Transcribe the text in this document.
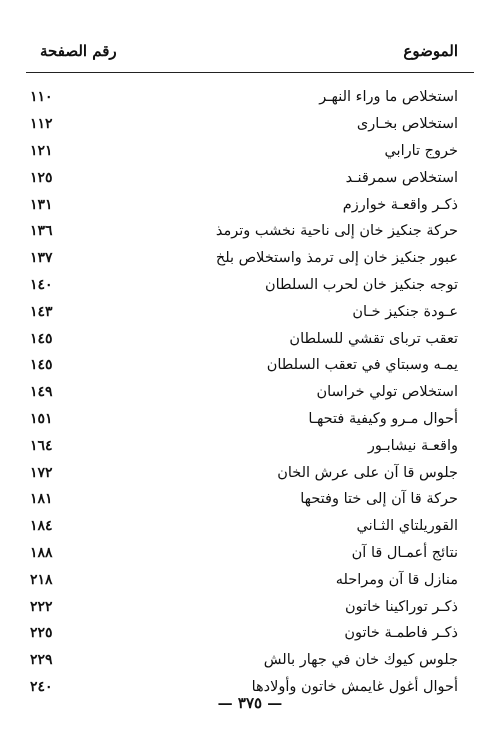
الموضوع
رقم الصفحة
استخلاص ما وراء النهـر
١١٠
استخلاص بخـارى
١١٢
خروج تارابي
١٢١
استخلاص سمرقنـد
١٢٥
ذكـر واقعـة خوارزم
١٣١
حركة جنكيز خان إلى ناحية نخشب وترمذ
١٣٦
عبور جنكيز خان إلى ترمذ واستخلاص بلخ
١٣٧
توجه جنكيز خان لحرب السلطان
١٤٠
عـودة جنكيز خـان
١٤٣
تعقب تربای تقشي للسلطان
١٤٥
يمـه وسبتاي في تعقب السلطان
١٤٥
استخلاص تولي خراسان
١٤٩
أحوال مـرو وكيفية فتحهـا
١٥١
واقعـة نيشابـور
١٦٤
جلوس قا آن على عرش الخان
١٧٢
حركة قا آن إلى ختا وفتحها
١٨١
القوريلتاي الثـاني
١٨٤
نتائج أعمـال قا آن
١٨٨
منازل قا آن ومراحله
٢١٨
ذكـر توراكينا خاتون
٢٢٢
ذكـر فاطمـة خاتون
٢٢٥
جلوس كيوك خان في جهار بالش
٢٢٩
أحوال أغول غايمش خاتون وأولادها
٢٤٠
— ٣٧٥ —
